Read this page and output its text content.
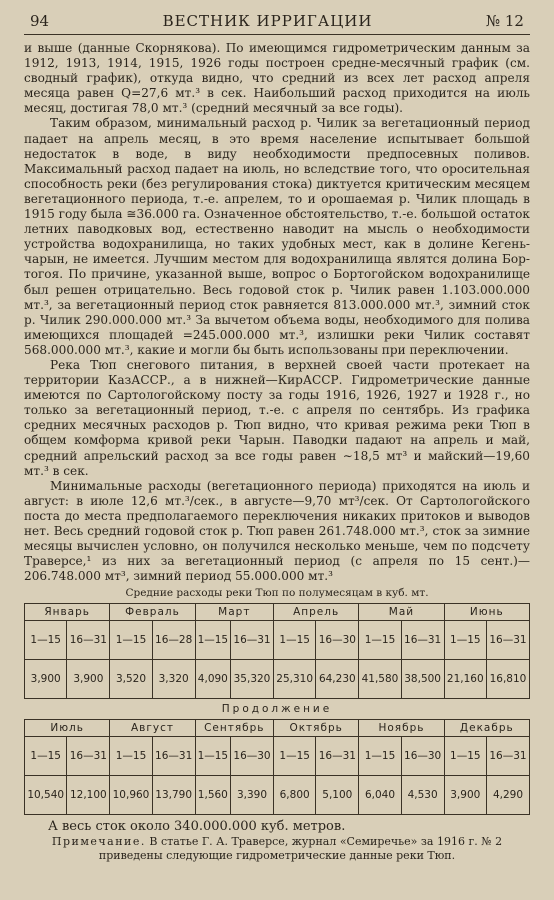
94	ВЕСТНИК ИРРИГАЦИИ	№ 12

и выше (данные Скорнякова). По имеющимся гидрометрическим данным за 1912, 1913, 1914, 1915, 1926 годы построен средне-месячный график (см. сводный график), откуда видно, что средний из всех лет расход апреля месяца равен Q=27,6 мт.³ в сек. Наибольший расход приходится на июль месяц, достигая 78,0 мт.³ (средний месячный за все годы).

Таким образом, минимальный расход р. Чилик за вегетационный период падает на апрель месяц, в это время население испытывает большой недостаток в воде, в виду необходимости предпосевных поливов. Максимальный расход падает на июль, но вследствие того, что оросительная способность реки (без регулирования стока) диктуется критическим месяцем вегетационного периода, т.-е. апрелем, то и орошаемая р. Чилик площадь в 1915 году была ≅36.000 га. Означенное обстоятельство, т.-е. большой остаток летних паводковых вод, естественно наводит на мысль о необходимости устройства водохранилища, но таких удобных мест, как в долине Кегень-чарын, не имеется. Лучшим местом для водохранилища являтся долина Бор-тогоя. По причине, указанной выше, вопрос о Бортогойском водохранилище был решен отрицательно. Весь годовой сток р. Чилик равен 1.103.000.000 мт.³, за вегетационный период сток равняется 813.000.000 мт.³, зимний сток р. Чилик 290.000.000 мт.³ За вычетом объема воды, необходимого для полива имеющихся площадей =245.000.000 мт.³, излишки реки Чилик составят 568.000.000 мт.³, какие и могли бы быть использованы при переключении.

Река Тюп снегового питания, в верхней своей части протекает на территории КазАССР., а в нижней—КирАССР. Гидрометрические данные имеются по Сартологойскому посту за годы 1916, 1926, 1927 и 1928 г., но только за вегетационный период, т.-е. с апреля по сентябрь. Из графика средних месячных расходов р. Тюп видно, что кривая режима реки Тюп в общем комформа кривой реки Чарын. Паводки падают на апрель и май, средний апрельский расход за все годы равен ∼18,5 мт³ и майский—19,60 мт.³ в сек.

Минимальные расходы (вегетационного периода) приходятся на июль и август: в июле 12,6 мт.³/сек., в августе—9,70 мт³/сек. От Сартологойского поста до места предполагаемого переключения никаких притоков и выводов нет. Весь средний годовой сток р. Тюп равен 261.748.000 мт.³, сток за зимние месяцы вычислен условно, он получился несколько меньше, чем по подсчету Траверсе,¹ из них за вегетационный период (с апреля по 15 сент.)—206.748.000 мт³, зимний период 55.000.000 мт.³

Средние расходы реки Тюп по полумесяцам в куб. мт.
Январь		Февраль		Март		Апрель		Май		Июнь	
1—15	16—31	1—15	16—28	1—15	16—31	1—15	16—30	1—15	16—31	1—15	16—31
3,900	3,900	3,520	3,320	4,090	35,320	25,310	64,230	41,580	38,500	21,160	16,810
Продолжение											
Июль		Август		Сентябрь		Октябрь		Ноябрь		Декабрь	
1—15	16—31	1—15	16—31	1—15	16—30	1—15	16—31	1—15	16—30	1—15	16—31
10,540	12,100	10,960	13,790	1,560	3,390	6,800	5,100	6,040	4,530	3,900	4,290
А весь сток около 340.000.000 куб. метров.
Примечание. В статье Г. А. Траверсе, журнал «Семиречье» за 1916 г. № 2
приведены следующие гидрометрические данные реки Тюп.
